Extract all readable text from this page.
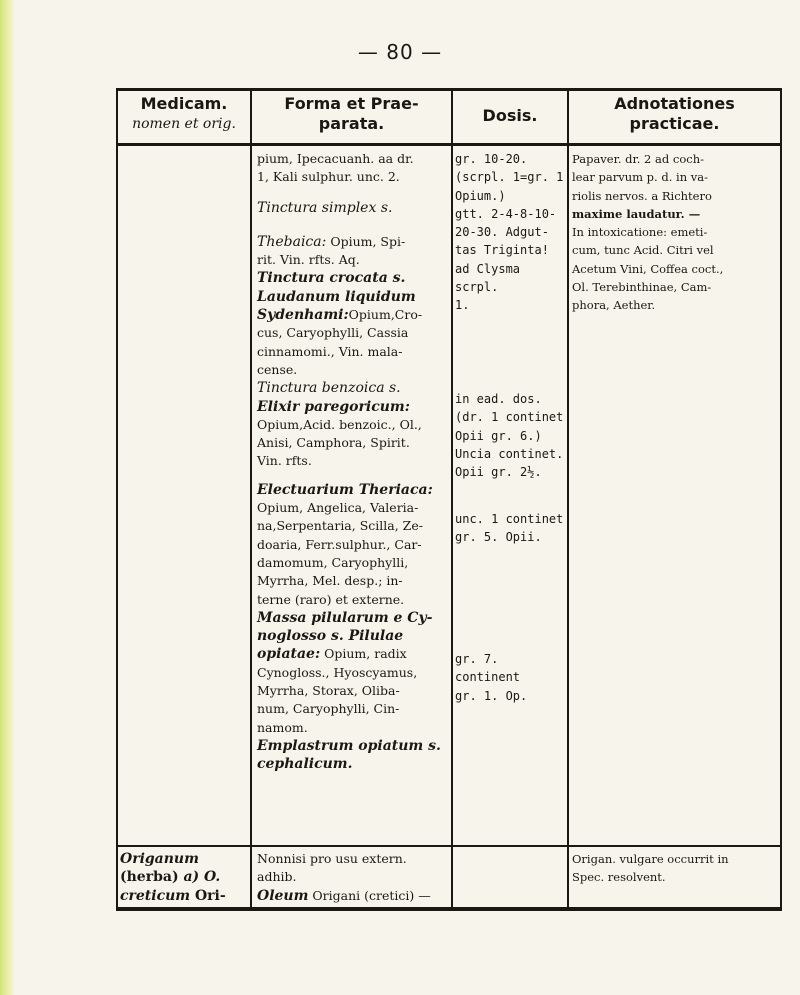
— 80 —
Medicam.
nomen et orig.
Forma et Prae-
parata.	Dosis.
Adnotationes
practicae.

pium, Ipecacuanh. aa dr.

1, Kali sulphur. unc. 2.

Tinctura simplex s.

Thebaica: Opium, Spi-

rit. Vin. rfts. Aq.

Tinctura crocata s.

Laudanum liquidum

Sydenhami:Opium,Cro-

cus, Caryophylli, Cassia

cinnamomi., Vin. mala-

cense.

Tinctura benzoica s.

Elixir paregoricum:

Opium,Acid. benzoic., Ol.,

Anisi, Camphora, Spirit.

Vin. rfts.

Electuarium Theriaca:

Opium, Angelica, Valeria-

na,Serpentaria, Scilla, Ze-

doaria, Ferr.sulphur., Car-

damomum, Caryophylli,

Myrrha, Mel. desp.; in-

terne (raro) et externe.

Massa pilularum e Cy-

noglosso s. Pilulae

opiatae: Opium, radix

Cynogloss., Hyoscyamus,

Myrrha, Storax, Oliba-

num, Caryophylli, Cin-

namom.

Emplastrum opiatum s.

cephalicum.

gr. 10-20.

(scrpl. 1=gr. 1

Opium.)

gtt. 2-4-8-10-

20-30. Adgut-

tas Triginta!

ad Clysma scrpl.

1.

in ead. dos.

(dr. 1 continet

Opii gr. 6.)

Uncia continet.

Opii gr. 2½.

unc. 1 continet

gr. 5. Opii.

gr. 7. continent

gr. 1. Op.

Papaver. dr. 2 ad coch-

lear parvum p. d. in va-

riolis nervos. a Richtero

maxime laudatur. —

In intoxicatione: emeti-

cum, tunc Acid. Citri vel

Acetum Vini, Coffea coct.,

Ol. Terebinthinae, Cam-

phora, Aether.

Origanum

(herba) a) O.

creticum Ori-

Nonnisi pro usu extern.

adhib.

Oleum Origani (cretici) —

Origan. vulgare occurrit in

Spec. resolvent.
